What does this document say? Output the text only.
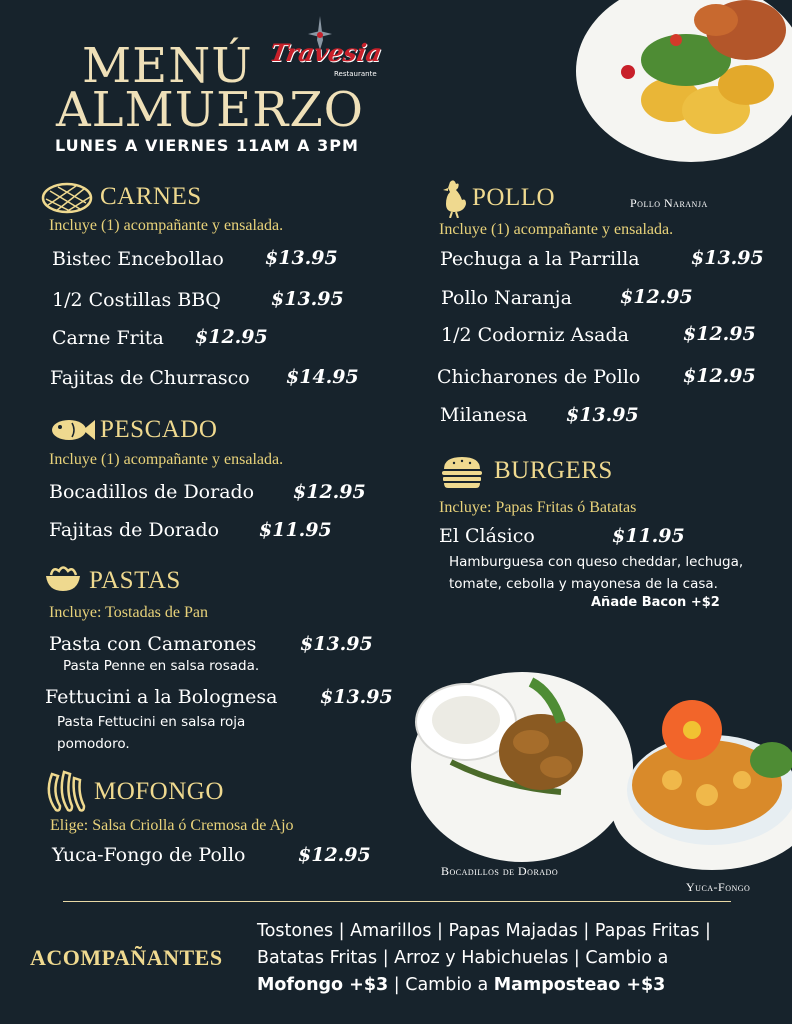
MENÚ Travesia
Restaurante
ALMUERZO
LUNES A VIERNES 11AM A 3PM
Pollo Naranja
CARNES
Incluye (1) acompañante y ensalada.
Bistec Encebollao $13.95
1/2 Costillas BBQ	$13.95
Carne Frita $12.95
Fajitas de Churrasco $14.95
PESCADO
Incluye (1) acompañante y ensalada.
Bocadillos de Dorado $12.95
Fajitas de Dorado $11.95
PASTAS
Incluye: Tostadas de Pan
Pasta con Camarones $13.95
Pasta Penne en salsa rosada.
Fettucini a la Bolognesa $13.95
Pasta Fettucini en salsa roja pomodoro.
MOFONGO
Elige: Salsa Criolla ó Cremosa de Ajo
Yuca-Fongo de Pollo	$12.95
POLLO
Incluye (1) acompañante y ensalada.
Pechuga a la Parrilla	$13.95
Pollo Naranja	$12.95
1/2 Codorniz Asada	$12.95
Chicharones de Pollo $12.95
Milanesa $13.95
BURGERS
Incluye: Papas Fritas ó Batatas
El Clásico	$11.95
Hamburguesa con queso cheddar, lechuga, tomate, cebolla y mayonesa de la casa.
Añade Bacon +$2
Bocadillos de Dorado
Yuca-Fongo
ACOMPAÑANTES
Tostones | Amarillos | Papas Majadas | Papas Fritas |
Batatas Fritas | Arroz y Habichuelas | Cambio a
Mofongo +$3 | Cambio a Mamposteao +$3
